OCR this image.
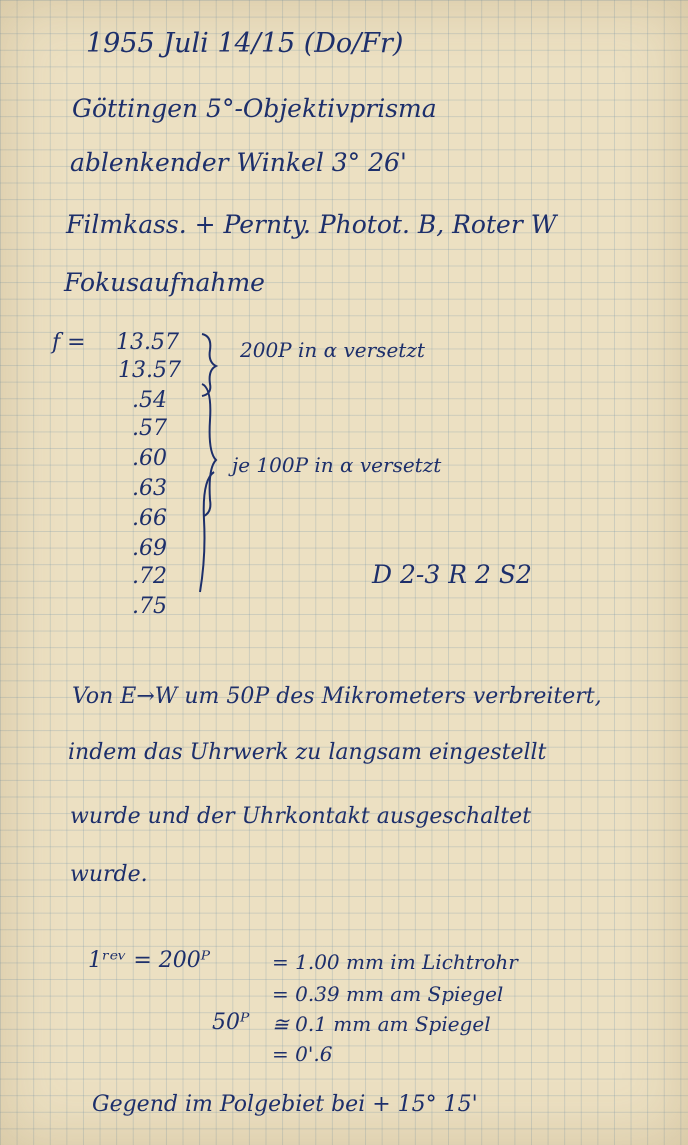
1955 Juli 14/15 (Do/Fr)
Göttingen 5°-Objektivprisma
ablenkender Winkel 3° 26'
Filmkass. + Pernty. Photot. B, Roter W
Fokusaufnahme
f = 13.57
13.57
.54
.57
.60
.63
.66
.69
.72
.75
200P in α versetzt
je 100P in α versetzt
D 2-3 R 2 S2
Von E→W um 50P des Mikrometers verbreitert,
indem das Uhrwerk zu langsam eingestellt
wurde und der Uhrkontakt ausgeschaltet
wurde.
1ʳᵉᵛ = 200ᴾ	= 1.00 mm im Lichtrohr
= 0.39 mm am Spiegel
50ᴾ ≅ 0.1 mm am Spiegel
= 0'.6
Gegend im Polgebiet bei + 15° 15'
